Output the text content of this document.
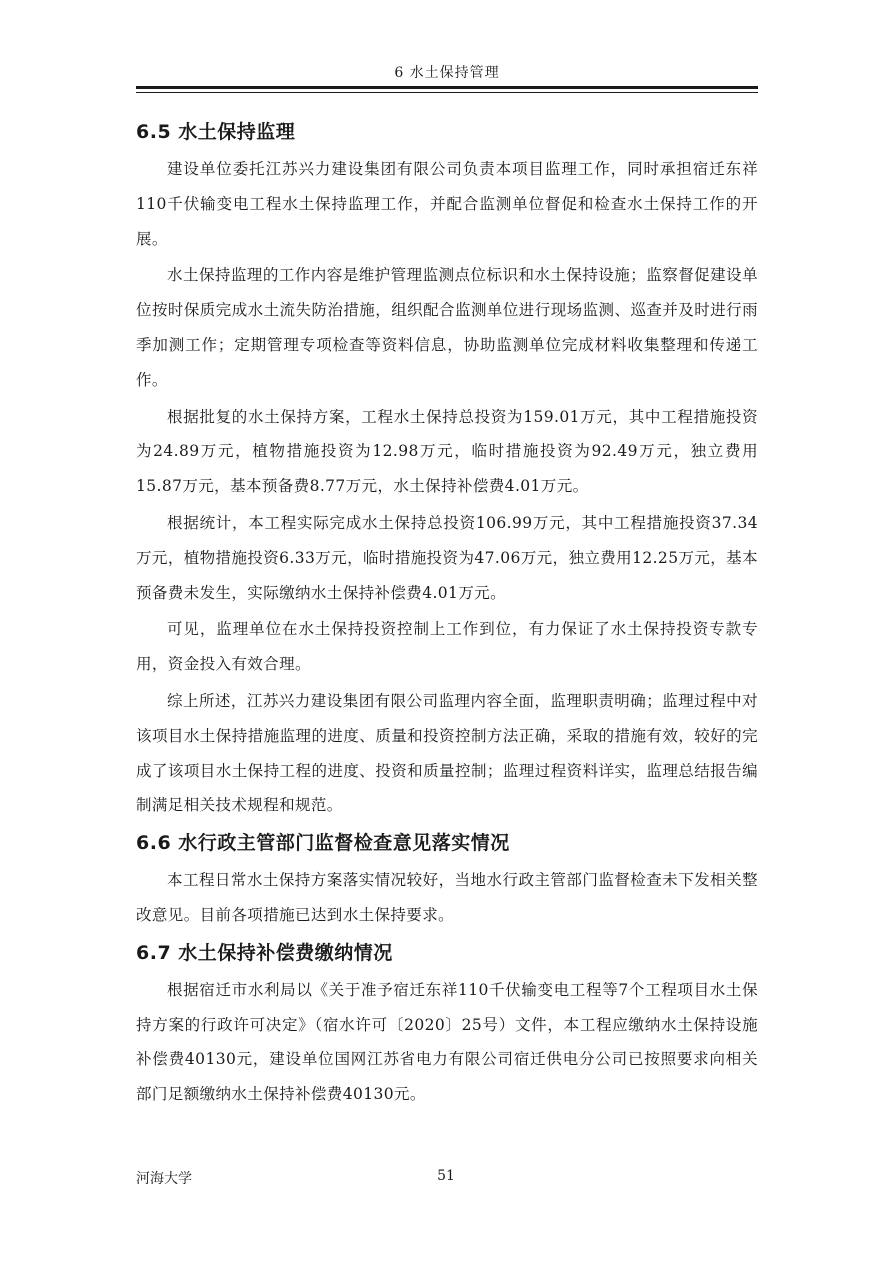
6 水土保持管理
6.5 水土保持监理

建设单位委托江苏兴力建设集团有限公司负责本项目监理工作，同时承担宿迁东祥110千伏输变电工程水土保持监理工作，并配合监测单位督促和检查水土保持工作的开展。

水土保持监理的工作内容是维护管理监测点位标识和水土保持设施；监察督促建设单位按时保质完成水土流失防治措施，组织配合监测单位进行现场监测、巡查并及时进行雨季加测工作；定期管理专项检查等资料信息，协助监测单位完成材料收集整理和传递工作。

根据批复的水土保持方案，工程水土保持总投资为159.01万元，其中工程措施投资为24.89万元，植物措施投资为12.98万元，临时措施投资为92.49万元，独立费用15.87万元，基本预备费8.77万元，水土保持补偿费4.01万元。

根据统计，本工程实际完成水土保持总投资106.99万元，其中工程措施投资37.34万元，植物措施投资6.33万元，临时措施投资为47.06万元，独立费用12.25万元，基本预备费未发生，实际缴纳水土保持补偿费4.01万元。

可见，监理单位在水土保持投资控制上工作到位，有力保证了水土保持投资专款专用，资金投入有效合理。

综上所述，江苏兴力建设集团有限公司监理内容全面，监理职责明确；监理过程中对该项目水土保持措施监理的进度、质量和投资控制方法正确，采取的措施有效，较好的完成了该项目水土保持工程的进度、投资和质量控制；监理过程资料详实，监理总结报告编制满足相关技术规程和规范。

6.6 水行政主管部门监督检查意见落实情况

本工程日常水土保持方案落实情况较好，当地水行政主管部门监督检查未下发相关整改意见。目前各项措施已达到水土保持要求。

6.7 水土保持补偿费缴纳情况

根据宿迁市水利局以《关于准予宿迁东祥110千伏输变电工程等7个工程项目水土保持方案的行政许可决定》（宿水许可〔2020〕25号）文件，本工程应缴纳水土保持设施补偿费40130元，建设单位国网江苏省电力有限公司宿迁供电分公司已按照要求向相关部门足额缴纳水土保持补偿费40130元。

河海大学	51
